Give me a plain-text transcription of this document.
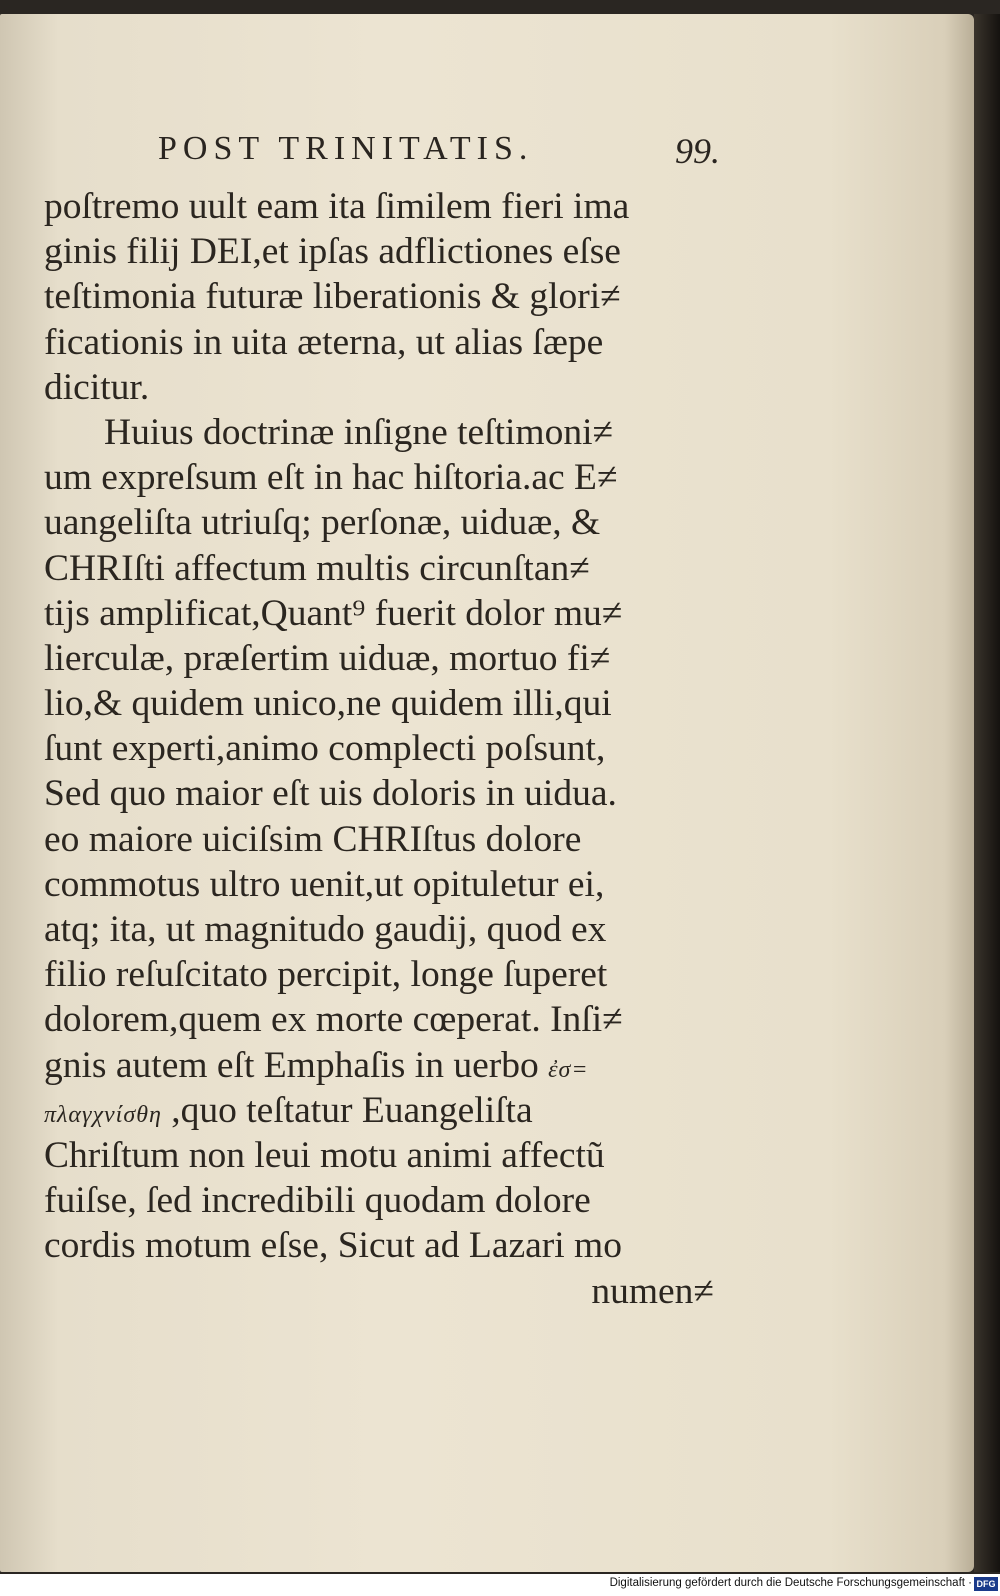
POST TRINITATIS.	99.
poſtremo uult eam ita ſimilem fieri ima
ginis filij DEI,et ipſas adflictiones eſse
teſtimonia futuræ liberationis & glori≠
ficationis in uita æterna, ut alias ſæpe
dicitur.
Huius doctrinæ inſigne teſtimoni≠
um expreſsum eſt in hac hiſtoria.ac E≠
uangeliſta utriuſq; perſonæ, uiduæ, &
CHRIſti affectum multis circunſtan≠
tijs amplificat,Quant⁹ fuerit dolor mu≠
lierculæ, præſertim uiduæ, mortuo fi≠
lio,& quidem unico,ne quidem illi,qui
ſunt experti,animo complecti poſsunt,
Sed quo maior eſt uis doloris in uidua.
eo maiore uiciſsim CHRIſtus dolore
commotus ultro uenit,ut opituletur ei,
atq; ita, ut magnitudo gaudij, quod ex
filio reſuſcitato percipit, longe ſuperet
dolorem,quem ex morte cœperat. Inſi≠
gnis autem eſt Emphaſis in uerbo ἐσ=
πλαγχνίσθη ,quo teſtatur Euangeliſta
Chriſtum non leui motu animi affectũ
fuiſse, ſed incredibili quodam dolore
cordis motum eſse, Sicut ad Lazari mo
numen≠
Digitalisierung gefördert durch die Deutsche Forschungsgemeinschaft · DFG
